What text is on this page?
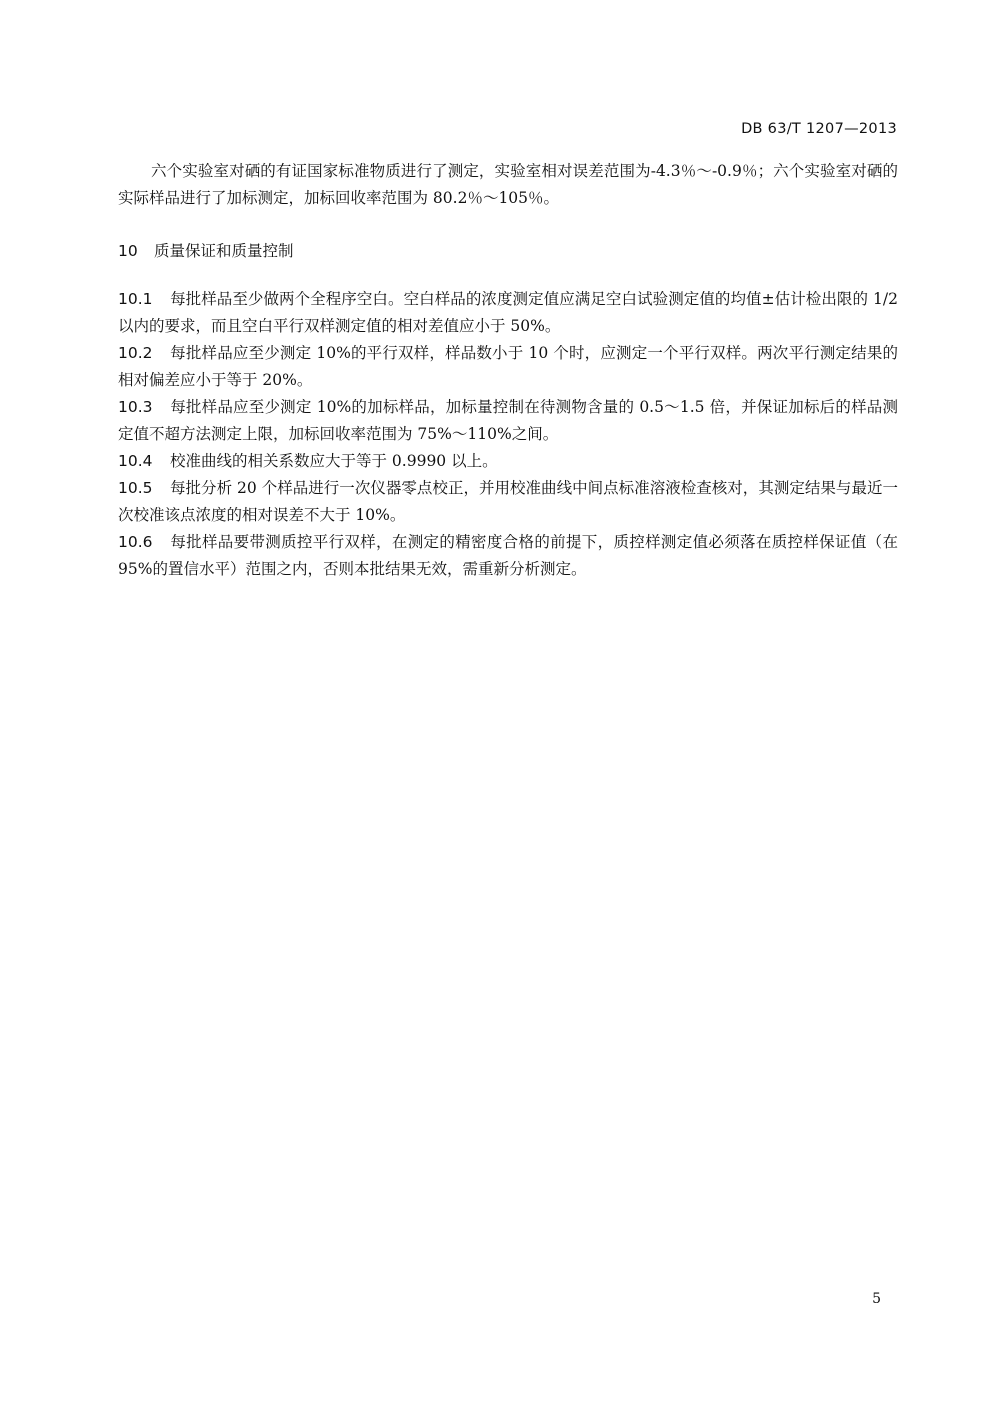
DB 63/T 1207—2013

六个实验室对硒的有证国家标准物质进行了测定，实验室相对误差范围为-4.3％～-0.9％；六个实验室对硒的实际样品进行了加标测定，加标回收率范围为 80.2％～105％。

10 质量保证和质量控制

10.1 每批样品至少做两个全程序空白。空白样品的浓度测定值应满足空白试验测定值的均值±估计检出限的 1/2 以内的要求，而且空白平行双样测定值的相对差值应小于 50%。

10.2 每批样品应至少测定 10%的平行双样，样品数小于 10 个时，应测定一个平行双样。两次平行测定结果的相对偏差应小于等于 20%。

10.3 每批样品应至少测定 10%的加标样品，加标量控制在待测物含量的 0.5～1.5 倍，并保证加标后的样品测定值不超方法测定上限，加标回收率范围为 75%～110%之间。

10.4 校准曲线的相关系数应大于等于 0.9990 以上。

10.5 每批分析 20 个样品进行一次仪器零点校正，并用校准曲线中间点标准溶液检查核对，其测定结果与最近一次校准该点浓度的相对误差不大于 10%。

10.6 每批样品要带测质控平行双样，在测定的精密度合格的前提下，质控样测定值必须落在质控样保证值（在 95%的置信水平）范围之内，否则本批结果无效，需重新分析测定。

5
